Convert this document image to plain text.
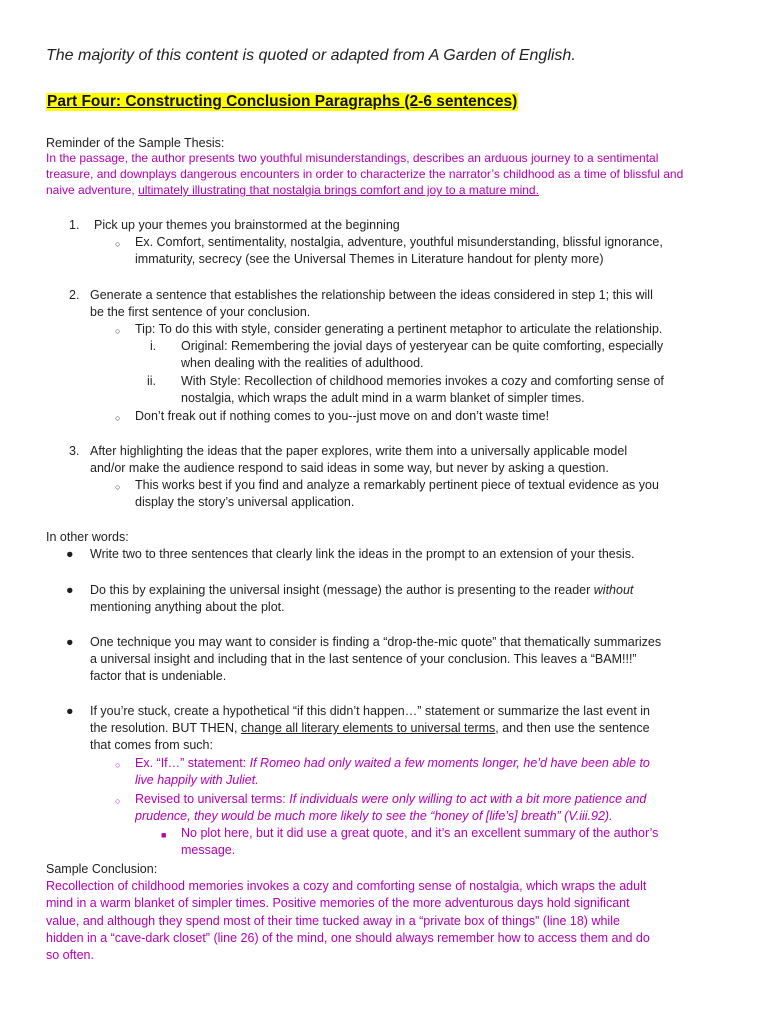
The majority of this content is quoted or adapted from A Garden of English.
Part Four: Constructing Conclusion Paragraphs (2-6 sentences)
Reminder of the Sample Thesis:
In the passage, the author presents two youthful misunderstandings, describes an arduous journey to a sentimental
treasure, and downplays dangerous encounters in order to characterize the narrator’s childhood as a time of blissful and
naive adventure, ultimately illustrating that nostalgia brings comfort and joy to a mature mind.
1. Pick up your themes you brainstormed at the beginning
○ Ex. Comfort, sentimentality, nostalgia, adventure, youthful misunderstanding, blissful ignorance,
immaturity, secrecy (see the Universal Themes in Literature handout for plenty more)
2. Generate a sentence that establishes the relationship between the ideas considered in step 1; this will
be the first sentence of your conclusion.
○ Tip: To do this with style, consider generating a pertinent metaphor to articulate the relationship.
i. Original: Remembering the jovial days of yesteryear can be quite comforting, especially
when dealing with the realities of adulthood.
ii. With Style: Recollection of childhood memories invokes a cozy and comforting sense of
nostalgia, which wraps the adult mind in a warm blanket of simpler times.
○ Don’t freak out if nothing comes to you--just move on and don’t waste time!
3. After highlighting the ideas that the paper explores, write them into a universally applicable model
and/or make the audience respond to said ideas in some way, but never by asking a question.
○ This works best if you find and analyze a remarkably pertinent piece of textual evidence as you
display the story’s universal application.
In other words:
● Write two to three sentences that clearly link the ideas in the prompt to an extension of your thesis.
● Do this by explaining the universal insight (message) the author is presenting to the reader without
mentioning anything about the plot.
● One technique you may want to consider is finding a “drop-the-mic quote” that thematically summarizes
a universal insight and including that in the last sentence of your conclusion. This leaves a “BAM!!!”
factor that is undeniable.
● If you’re stuck, create a hypothetical “if this didn’t happen…” statement or summarize the last event in
the resolution. BUT THEN, change all literary elements to universal terms, and then use the sentence
that comes from such:
○ Ex. “If…” statement: If Romeo had only waited a few moments longer, he’d have been able to
live happily with Juliet.
○ Revised to universal terms: If individuals were only willing to act with a bit more patience and
prudence, they would be much more likely to see the “honey of [life’s] breath” (V.iii.92).
■ No plot here, but it did use a great quote, and it’s an excellent summary of the author’s
message.
Sample Conclusion:
Recollection of childhood memories invokes a cozy and comforting sense of nostalgia, which wraps the adult
mind in a warm blanket of simpler times. Positive memories of the more adventurous days hold significant
value, and although they spend most of their time tucked away in a “private box of things” (line 18) while
hidden in a “cave-dark closet” (line 26) of the mind, one should always remember how to access them and do
so often.
